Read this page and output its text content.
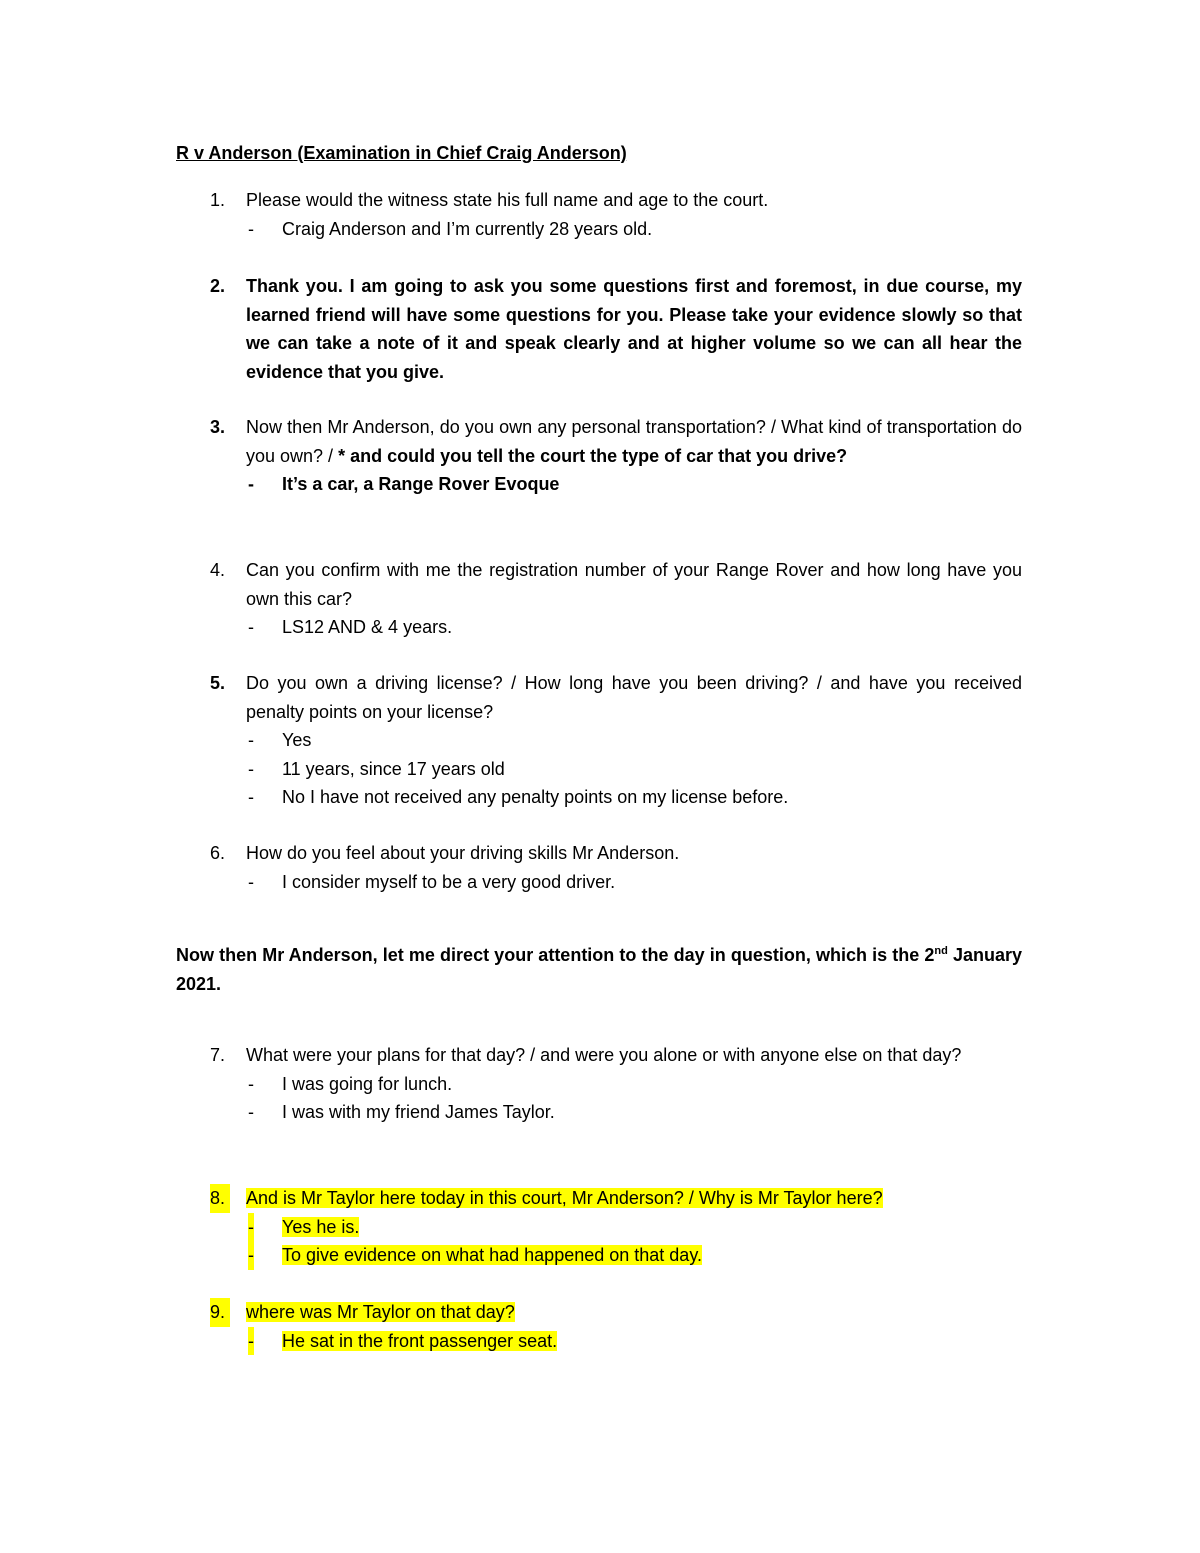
R v Anderson (Examination in Chief Craig Anderson)
1. Please would the witness state his full name and age to the court.
- Craig Anderson and I’m currently 28 years old.
2. Thank you. I am going to ask you some questions first and foremost, in due course, my learned friend will have some questions for you. Please take your evidence slowly so that we can take a note of it and speak clearly and at higher volume so we can all hear the evidence that you give.
3. Now then Mr Anderson, do you own any personal transportation? / What kind of transportation do you own? / * and could you tell the court the type of car that you drive?
- It’s a car, a Range Rover Evoque
4. Can you confirm with me the registration number of your Range Rover and how long have you own this car?
- LS12 AND & 4 years.
5. Do you own a driving license? / How long have you been driving? / and have you received penalty points on your license?
- Yes
- 11 years, since 17 years old
- No I have not received any penalty points on my license before.
6. How do you feel about your driving skills Mr Anderson.
- I consider myself to be a very good driver.
Now then Mr Anderson, let me direct your attention to the day in question, which is the 2nd January 2021.
7. What were your plans for that day? / and were you alone or with anyone else on that day?
- I was going for lunch.
- I was with my friend James Taylor.
8. And is Mr Taylor here today in this court, Mr Anderson? / Why is Mr Taylor here?
- Yes he is.
- To give evidence on what had happened on that day.
9. where was Mr Taylor on that day?
- He sat in the front passenger seat.
